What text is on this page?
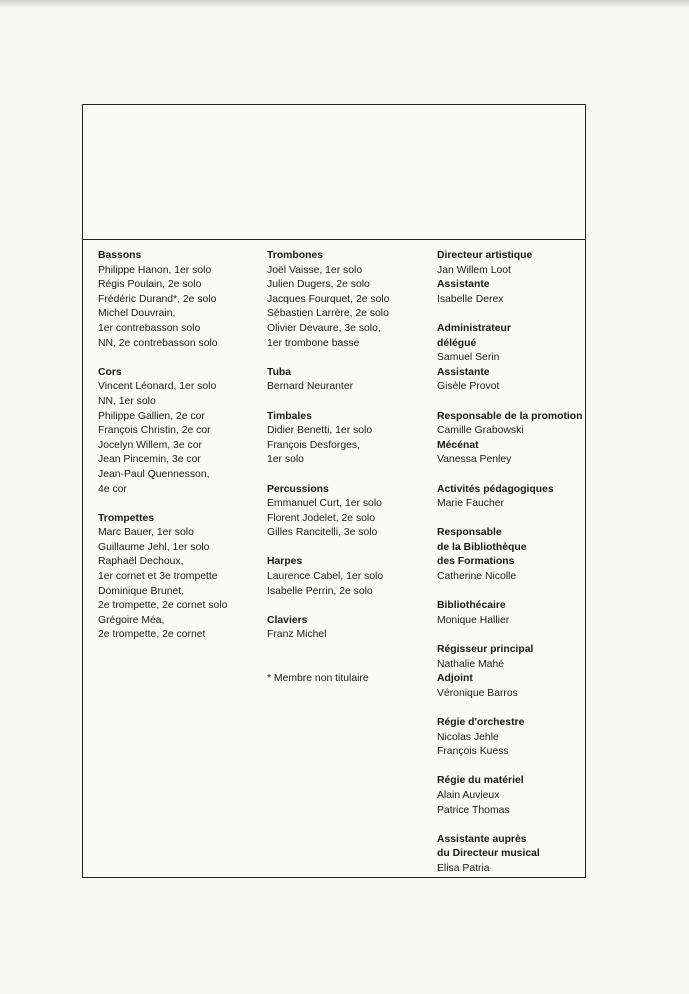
Bassons
Philippe Hanon, 1er solo
Régis Poulain, 2e solo
Frédéric Durand*, 2e solo
Michel Douvrain,
1er contrebasson solo
NN, 2e contrebasson solo
Cors
Vincent Léonard, 1er solo
NN, 1er solo
Philippe Gallien, 2e cor
François Christin, 2e cor
Jocelyn Willem, 3e cor
Jean Pincemin, 3e cor
Jean-Paul Quennesson,
4e cor
Trompettes
Marc Bauer, 1er solo
Guillaume Jehl, 1er solo
Raphaël Dechoux,
1er cornet et 3e trompette
Dominique Brunet,
2e trompette, 2e cornet solo
Grégoire Méa,
2e trompette, 2e cornet
Trombones
Joël Vaisse, 1er solo
Julien Dugers, 2e solo
Jacques Fourquet, 2e solo
Sébastien Larrère, 2e solo
Olivier Devaure, 3e solo,
1er trombone basse
Tuba
Bernard Neuranter
Timbales
Didier Benetti, 1er solo
François Desforges,
1er solo
Percussions
Emmanuel Curt, 1er solo
Florent Jodelet, 2e solo
Gilles Rancitelli, 3e solo
Harpes
Laurence Cabel, 1er solo
Isabelle Perrin, 2e solo
Claviers
Franz Michel

* Membre non titulaire
Directeur artistique
Jan Willem Loot
Assistante
Isabelle Derex
Administrateur
délégué
Samuel Serin
Assistante
Gisèle Provot
Responsable de la promotion
Camille Grabowski
Mécénat
Vanessa Penley
Activités pédagogiques
Marie Faucher
Responsable
de la Bibliothèque
des Formations
Catherine Nicolle
Bibliothécaire
Monique Hallier
Régisseur principal
Nathalie Mahé
Adjoint
Véronique Barros
Régie d'orchestre
Nicolas Jehle
François Kuess
Régie du matériel
Alain Auvieux
Patrice Thomas
Assistante auprès
du Directeur musical
Elisa Patria
